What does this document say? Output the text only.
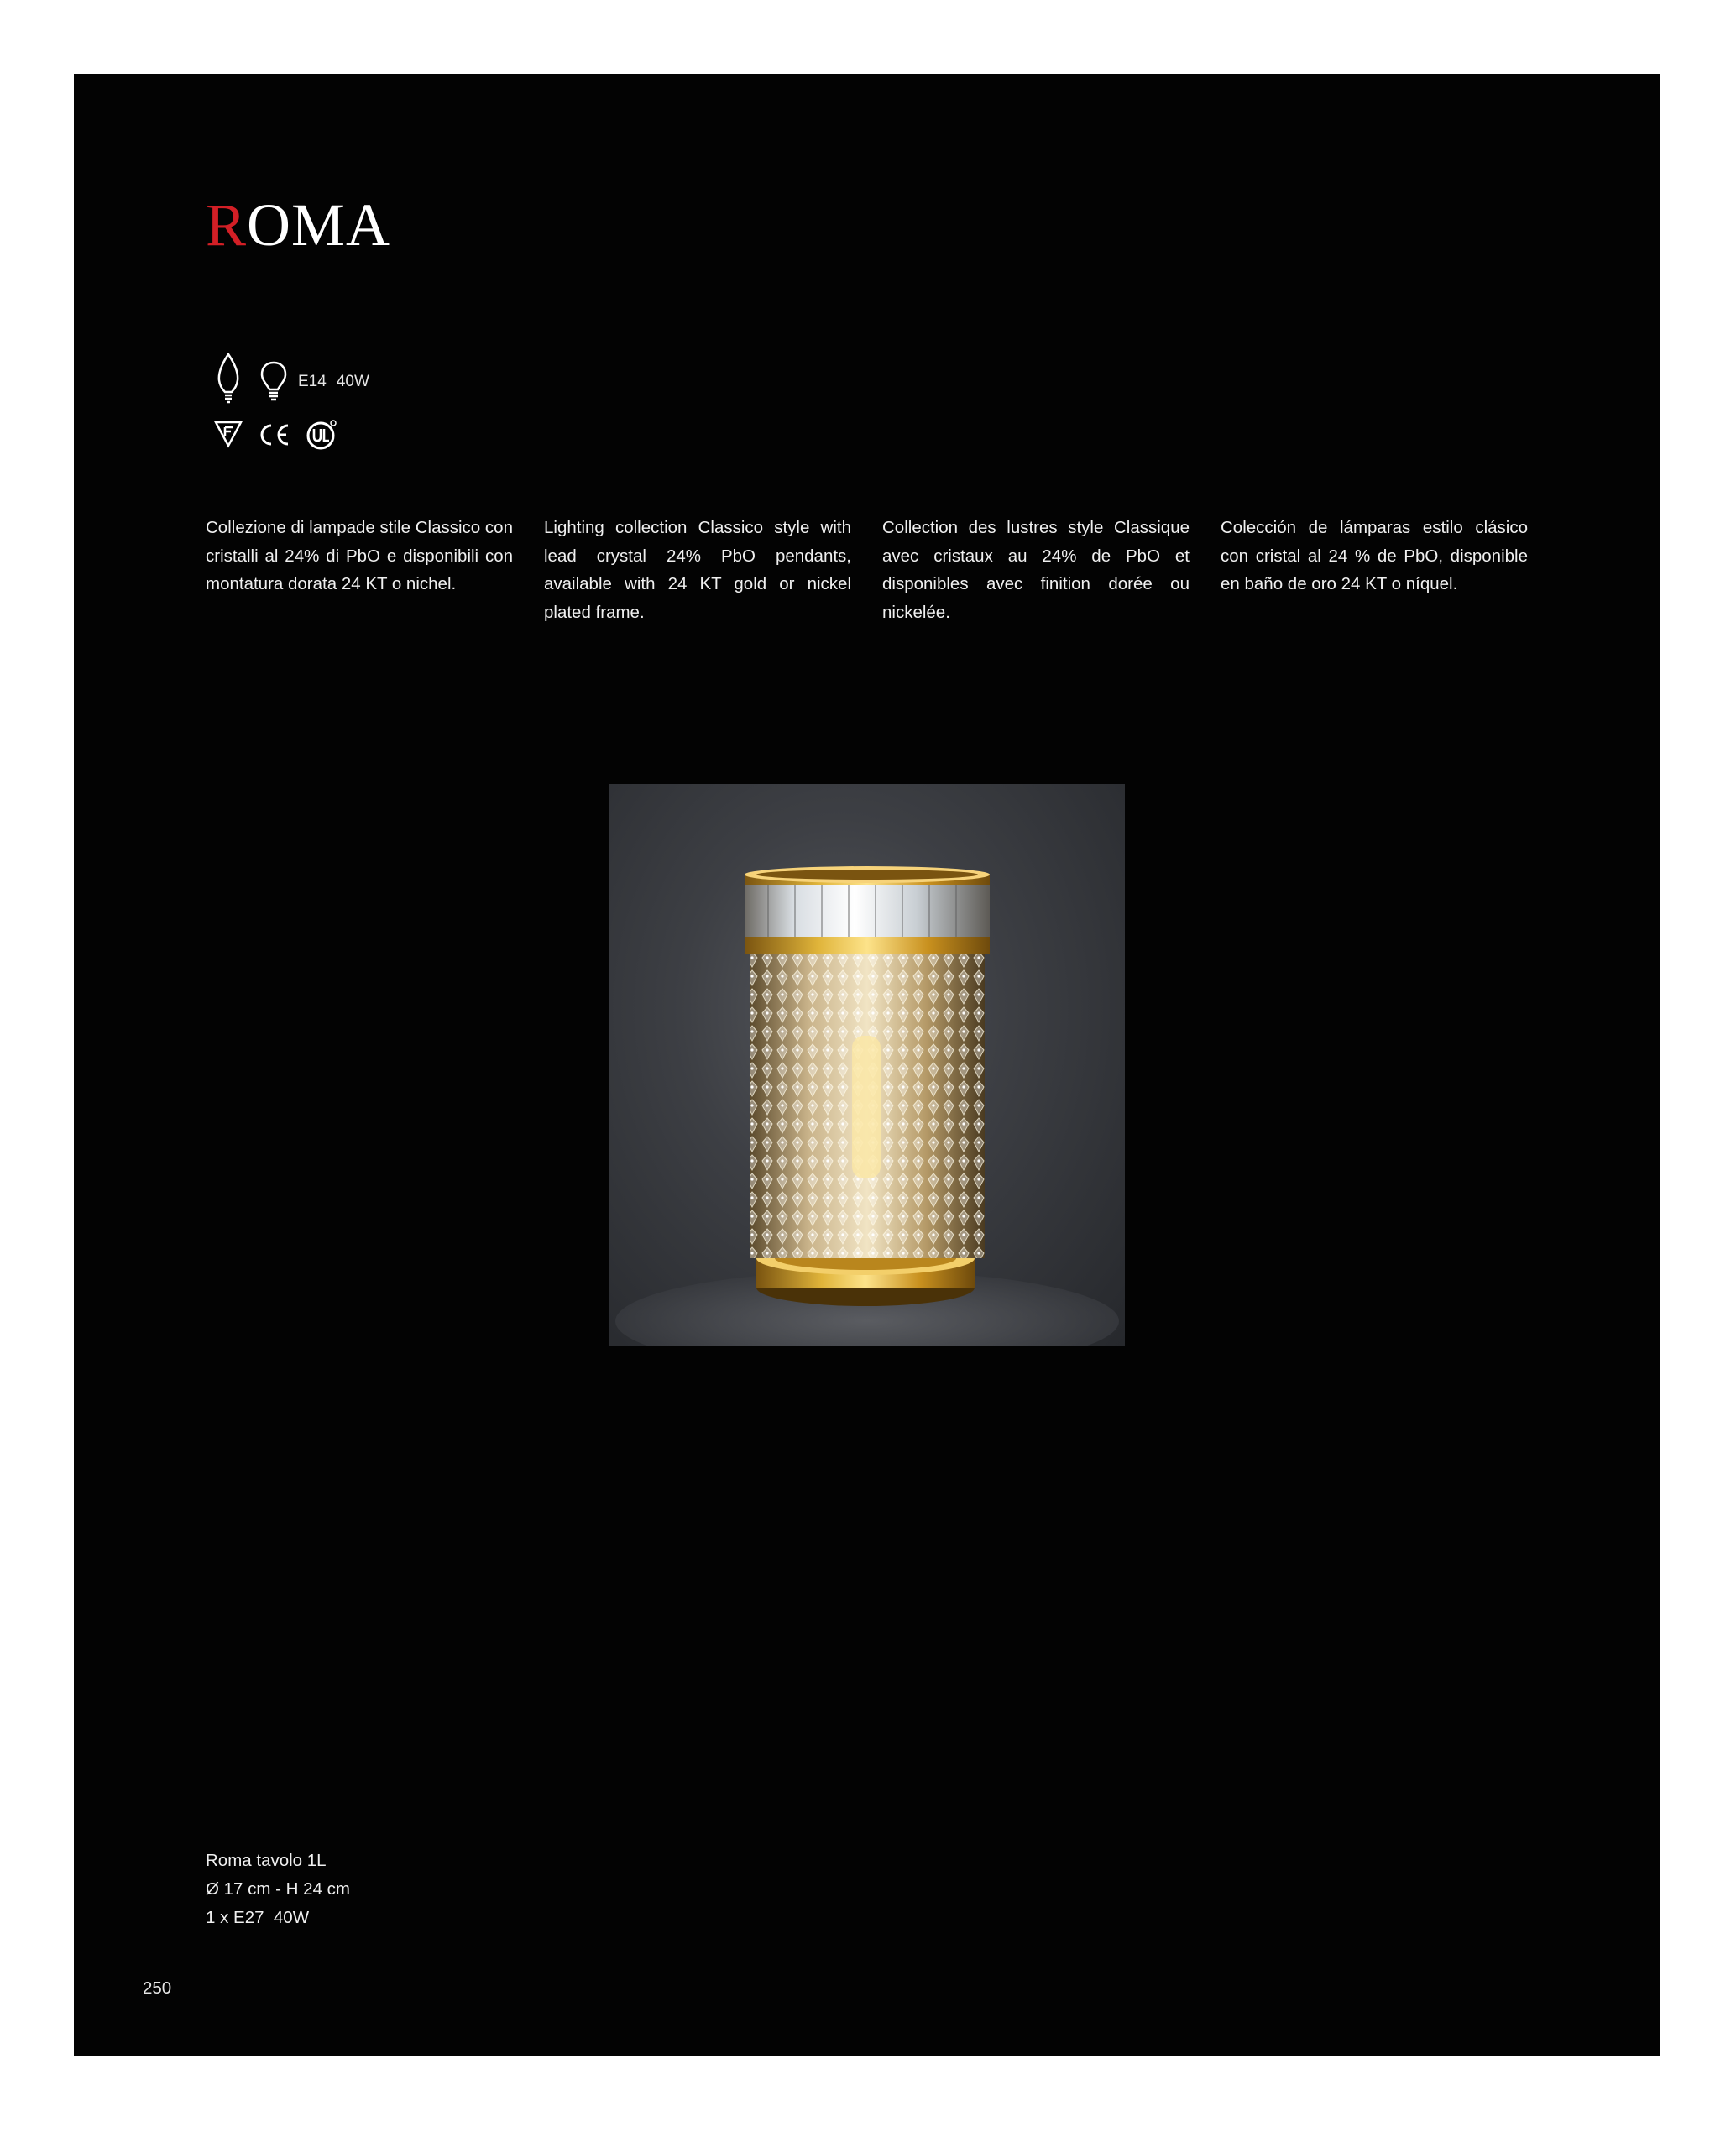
ROMA
E14 40W

Collezione di lampade stile Classico con cristalli al 24% di PbO e disponibili con montatura dorata 24 KT o nichel.

Lighting collection Classico style with lead crystal 24% PbO pendants, available with 24 KT gold or nickel plated frame.

Collection des lustres style Classique avec cristaux au 24% de PbO et disponibles avec finition dorée ou nickelée.

Colección de lámparas estilo clásico con cristal al 24 % de PbO, disponible en baño de oro 24 KT o níquel.

Roma tavolo 1L
Ø 17 cm - H 24 cm
1 x E27  40W
250
